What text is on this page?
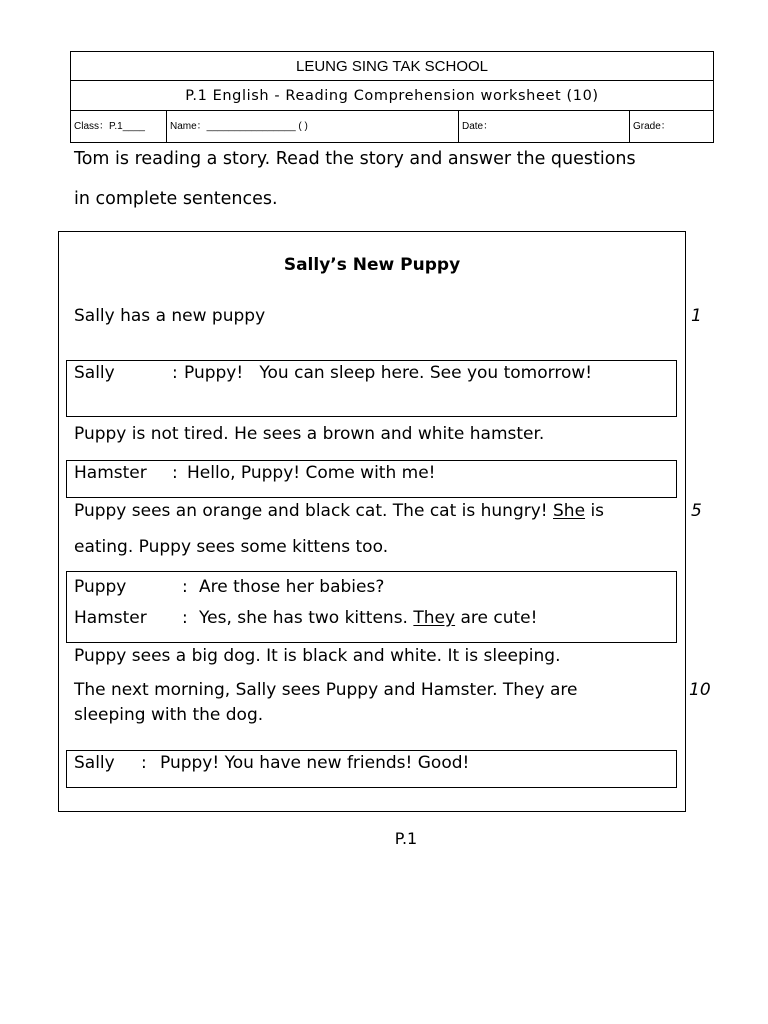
LEUNG SING TAK SCHOOL
P.1 English - Reading Comprehension worksheet (10)
Class：P.1____	Name：________________ ( )	Date：	Grade：
Tom is reading a story. Read the story and answer the questions
in complete sentences.
Sally’s New Puppy
Sally has a new puppy	1
Sally	: Puppy!   You can sleep here. See you tomorrow!
Puppy is not tired. He sees a brown and white hamster.
Hamster : Hello, Puppy! Come with me!
Puppy sees an orange and black cat. The cat is hungry! She is	5
eating. Puppy sees some kittens too.
Puppy	: Are those her babies?
Hamster : Yes, she has two kittens. They are cute!
Puppy sees a big dog. It is black and white. It is sleeping.
The next morning, Sally sees Puppy and Hamster. They are	10
sleeping with the dog.
Sally : Puppy! You have new friends! Good!
P.1
